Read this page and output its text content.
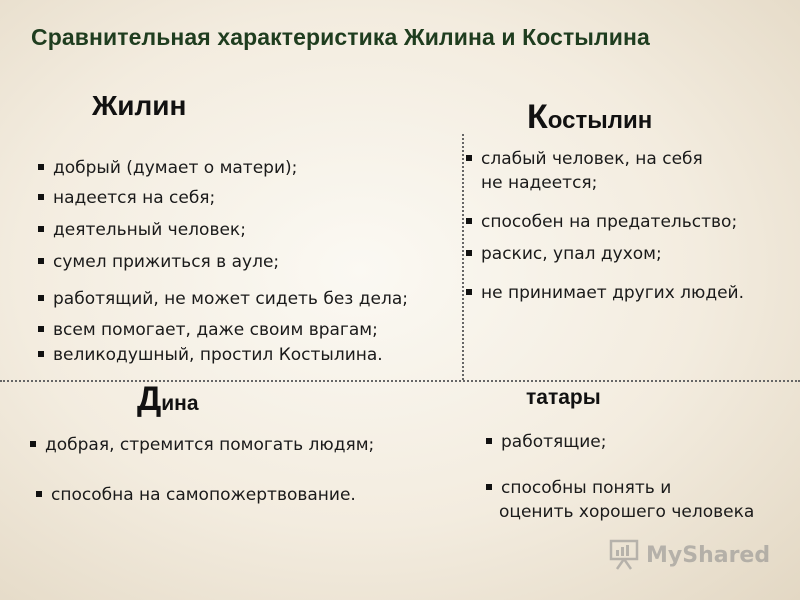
Сравнительная характеристика Жилина и Костылина
Жилин
добрый (думает о матери);
надеется на себя;
деятельный человек;
сумел прижиться в ауле;
работящий, не может сидеть без дела;
всем помогает, даже своим врагам;
великодушный, простил Костылина.
Костылин
слабый человек, на себя
не надеется;
способен на предательство;
раскис, упал духом;
не принимает других людей.
Дина
добрая, стремится помогать людям;
способна на самопожертвование.
татары
работящие;
способны понять и
оценить хорошего человека
MyShared
